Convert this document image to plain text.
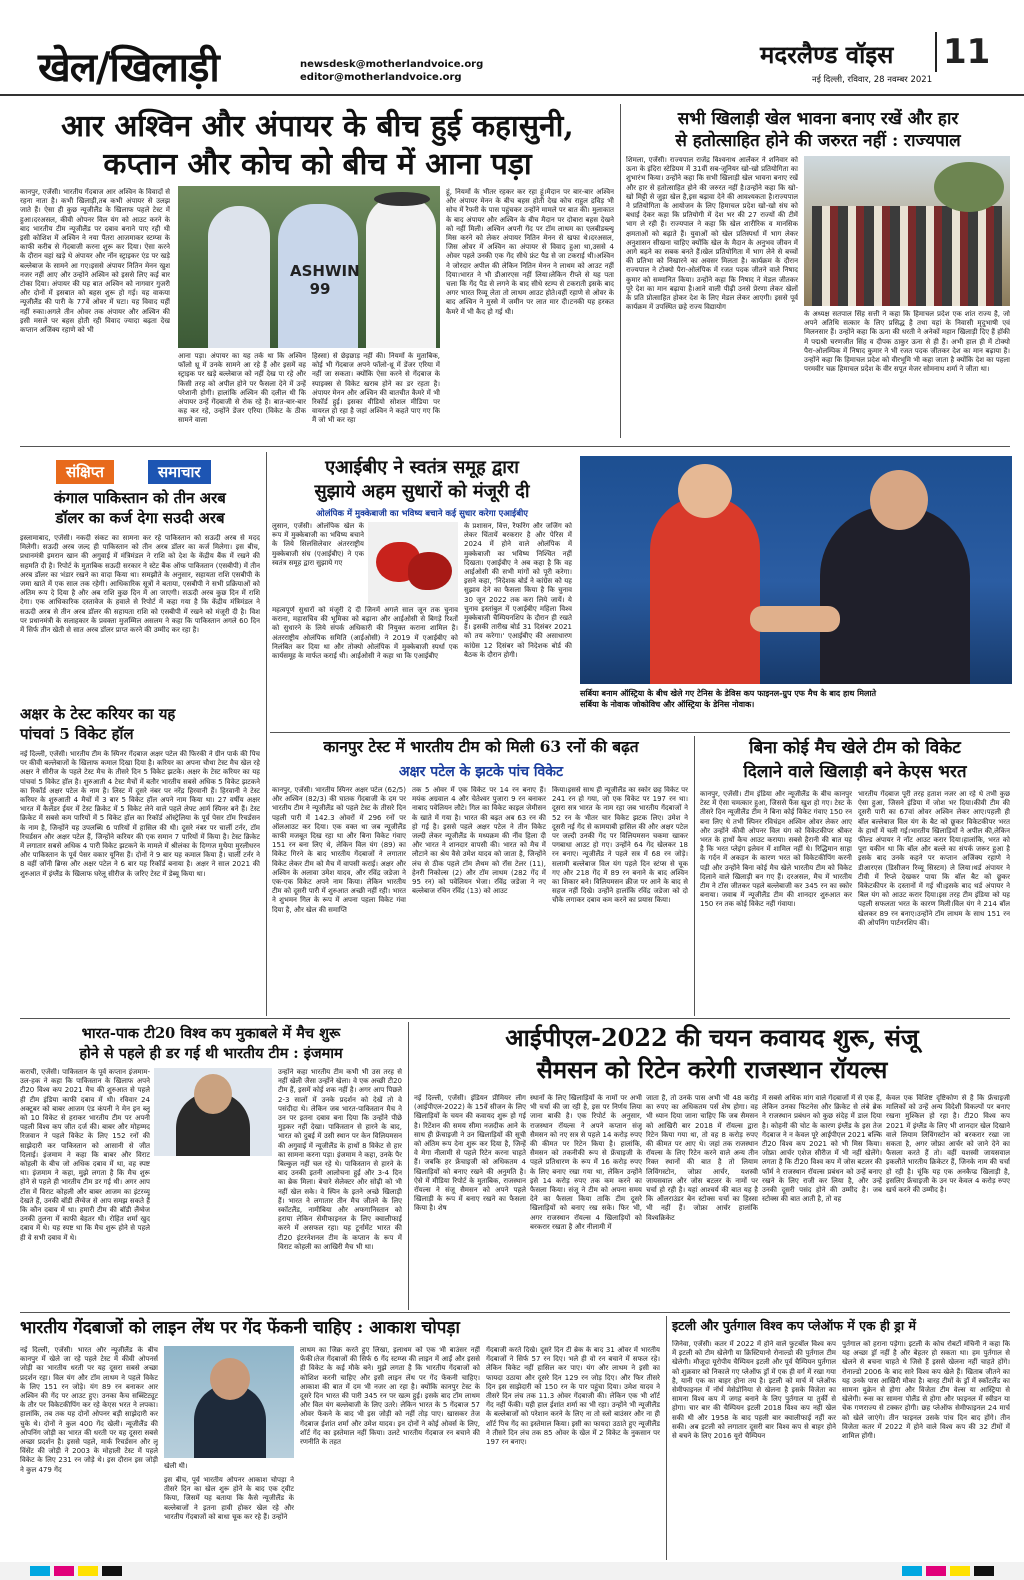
खेल/खिलाड़ी	newsdesk@motherlandvoice.org
editor@motherlandvoice.org
मदरलैण्ड वॉइस 11
नई दिल्ली, रविवार, 28 नवम्बर 2021
आर अश्विन और अंपायर के बीच हुई कहासुनी,
कप्तान और कोच को बीच में आना पड़ा
कानपुर, एजेंसी। भारतीय गेंदबाज आर अश्विन के विवादों से रहना नाता है। कभी खिलाड़ी,तब कभी अंपायर से उलझ जाते हैं। ऐसा ही कुछ न्यूजीलैंड के खिलाफ पहले टेस्ट में हुआ।दरअसल, कीवी ओपनर विल यंग को आउट करने के बाद भारतीय टीम न्यूजीलैंड पर दबाव बनाने पाए रही थी इसी कोशिश में अश्विन ने नया पैंतरा आजमाकर स्टम्प्स के काफी करीब से गेंदबाजी करना शुरू कर दिया। ऐसा करने के दौरान वहां खड़े थे अंपायर और नॉन स्ट्राइकर एंड पर खड़े बल्लेबाज के सामने आ गए।इससे अंपायर नितिन मेनन खुश नजर नहीं आए और उन्होंने अश्विन को इससे लिए कई बार टोका दिया। अंपायर की यह बात अश्विन को नागवार गुजरी और दोनों में इसबात को बहस शुरू हो गई। यह वाकया न्यूजीलैंड की पारी के 77वें ओवर में घटा। यह विवाद यहीं नहीं रुका।अगले तीन ओवर तक अंपायर और अश्विन की इसी मसले पर बहस होती रही विवाद ज्यादा बढ़ता देख कप्तान अजिंक्य रहाणे को भी
ASHWIN 99
आना पड़ा। अंपायर का यह तर्क था कि अश्विन फॉलो थ्रू में उनके सामने आ रहे हैं और इसमें वह स्ट्राइक पर खड़े बल्लेबाज को नहीं देख पा रहे और किसी तरह को अपील होने पर फैसला देने में उन्हें परेशानी होगी। हालांकि अश्विन की दलील थी कि अंपायर उन्हें गेंदबाजी से रोक रहे हैं। बात-बार-बार कह कर रहे, उन्होंने डेंजर एरिया (विकेट के ठीक सामने वाला
हिस्सा) से छेड़छाड़ नहीं की। नियमों के मुताबिक, कोई भी गेंदबाज अपने फॉलो-थ्रू में डेंजर एरिया में नहीं जा सकता। क्योंकि ऐसा करने से गेंदबाज के स्पाइक्स से विकेट खराब होने का डर रहता है। अंपायर मेनन और अश्विन की बातचीत कैमरे में भी रिकॉर्ड हुई। इसका वीडियो सोशल मीडिया पर वायरल हो रहा है जहां अश्विन ने कहते पाए गए कि मैं जो भी कर रहा
हूं, नियमों के भीतर रहकर कर रहा हूं।मैदान पर बार-बार अश्विन और अंपायर मेनन के बीच बहस होती देख कोच राहुल द्रविड़ भी सोच में रैफरी के पास पहुंचकर उन्होंने मामले पर बात की। मुलाकात के बाद अंपायर और अश्विन के बीच मैदान पर दोबारा बहस देखने को नहीं मिली। अश्विन अपनी गेंद पर टॉम लाथम का एलबीडब्ल्यू मिस करने को लेकर अंपायर नितिन मेनन से खफा थे।दरअसल, जिस ओवर में अश्विन का अंपायर से विवाद हुआ था,उससे 4 ओवर पहले उनकी एक गेंद सीधे फ्रंट पैड से जा टकराई थी।अश्विन ने जोरदार अपील की लेकिन नितिन मेनन ने लाथम को आउट नहीं दिया।भारत ने भी डीआरएस नहीं लिया।लेकिन रीप्ले से यह पता चला कि गेंद पैड से लगने के बाद सीधे स्टम्प से टकराती इसके बाद अगर भारत रिव्यू लेता तो लाथम आउट होते।वहीं रहाणे से ओवर के बाद अश्विन ने मुस्से में जमीन पर लात मार दी।टनकी यह हरकत कैमरे में भी कैद हो गई थी।
सभी खिलाड़ी खेल भावना बनाए रखें और हार
से हतोत्साहित होने की जरुरत नहीं : राज्यपाल
शिमला, एजेंसी। राज्यपाल राजेंद्र विश्वनाथ आर्लेकर ने शनिवार को ऊना के इंदिरा स्टेडियम में 31वीं सब-जूनियर खो-खो प्रतियोगिता का शुभारंभ किया। उन्होंने कहा कि सभी खिलाड़ी खेल भावना बनाए रखें और हार से हतोत्साहित होने की जरुरत नहीं है।उन्होंने कहा कि खो-खो मिट्टी से जुड़ा खेल है,इस बढ़ावा देने की आवश्यकता है।राज्यपाल ने प्रतियोगिता के आयोजन के लिए हिमाचल प्रदेश खो-खो संघ को बधाई देकर कहा कि प्रतियोगी में देश भर की 27 राज्यों की टीमें भाग ले रही हैं। राज्यपाल ने कहा कि खेल शारीरिक व मानसिक क्षमताओं को बढ़ाते हैं। युवाओं को खेल प्रतिस्पर्धा में भाग लेकर अनुशासन सीखना चाहिए क्योंकि खेल के मैदान के अनुभव जीवन में आगे बढ़ने का सबक बनते हैं।खेल प्रतियोगिता में भाग लेने से बच्चों की प्रतिभा को निखारने का अवसर मिलता है। कार्यक्रम के दौरान राज्यपाल ने टोक्यो पैरा-ओलंपिक में रजत पदक जीतने वाले निषाद कुमार को सम्मानित किया। उन्होंने कहा कि निषाद ने मेडल जीतकर पूरे देश का मान बढ़ाया है।आने वाली पीढ़ी उनसे प्रेरणा लेकर खेलों के प्रति प्रोत्साहित होकर देश के लिए मेडल लेकर आएगी। इससे पूर्व कार्यक्रम में उपस्थित छहे राज्य विद्यायोग
के अध्यक्ष सतपाल सिंह सत्ती ने कहा कि हिमाचल प्रदेश एक शांत राज्य है, जो अपने अतिथि सत्कार के लिए प्रसिद्ध है तथा यहां के निवासी मृदुभाषी एवं मिलनसार हैं। उन्होंने कहा कि ऊना की धरती ने अनेकों महान खिलाड़ी दिए हैं हॉकी में पद्मश्री चरणजीत सिंह व दीपक ठाकुर ऊना से ही हैं। अभी हाल ही में टोक्यो पैरा-ओलम्पिक में निषाद कुमार ने भी रजत पदक जीतकर देश का मान बढ़ाया है। उन्होंने कहा कि हिमाचल प्रदेश को वीरभूमि भी कहा जाता है क्योंकि देश का पहला परमवीर चक्र हिमाचल प्रदेश के वीर सपूत मेजर सोमनाथ शर्मा ने जीता था।
संक्षिप्त	समाचार
कंगाल पाकिस्तान को तीन अरब
डॉलर का कर्ज देगा सउदी अरब
इस्लामाबाद, एजेंसी। नकदी संकट का सामना कर रहे पाकिस्तान को सऊदी अरब से मदद मिलेगी। सऊदी अरब जल्द ही पाकिस्तान को तीन अरब डॉलर का कर्ज मिलेगा। इस बीच, प्रधानमंत्री इमरान खान की अगुवाई में मंत्रिमंडल ने राशि को देश के केंद्रीय बैंक में रखने की सहमति दी है। रिपोर्ट के मुताबिक सऊदी सरकार ने स्टेट बैंक ऑफ पाकिस्तान (एसबीपी) में तीन अरब डॉलर का भंडार रखने का वादा किया था। समझौते के अनुसार, सहायता राशि एसबीपी के जमा खाते में एक साल तक रहेगी। आधिकारिक सूत्रों ने बताया, एसबीपी ने सभी प्रक्रियाओं को अंतिम रूप दे दिया है और अब राशि कुछ दिन में आ जाएगी। सऊदी अरब कुछ दिन में राशि देगा। एक आधिकारिक दस्तावेज के हवाले से रिपोर्ट में कहा गया है कि केंद्रीय मंत्रिमंडल ने सऊदी अरब से तीन अरब डॉलर की सहायता राशि को एसबीपी में रखने को मंजूरी दी है। विश पर प्रधानमंत्री के सलाहकार के प्रवक्ता मुजम्मिल असलम ने कहा कि पाकिस्तान अगले 60 दिन में सिर्फ तीन खेती से सात अरब डॉलर प्राप्त करने की उम्मीद कर रहा है।
अक्षर के टेस्ट करियर का यह
पांचवां 5 विकेट हॉल
नई दिल्ली, एजेंसी। भारतीय टीम के स्पिनर गेंदबाज अक्षर पटेल की फिरकी ने ग्रीन पार्क की पिच पर कीवी बल्लेबाजों के खिलाफ कमाल दिखा दिया है। करियर का अपना चौथा टेस्ट मैच खेल रहे अक्षर ने सीरीज के पहले टेस्ट मैच के तीसरे दिन 5 विकेट झटके। अक्षर के टेस्ट करियर का यह पांचवां 5 विकेट हॉल है। शुरुआती 4 टेस्ट मैचों में बतौर भारतीय सबसे अधिक 5 विकेट झटकने का रिकॉर्ड अक्षर पटेल के नाम है। लिस्ट में दूसरे नंबर पर नरेंद्र हिरवानी हैं। हिरवानी ने टेस्ट करियर के शुरुआती 4 मैचों में 3 बार 5 विकेट हॉल अपने नाम किया था। 27 वर्षीय अक्षर भारत में कैलेंडर ईयर में टेस्ट क्रिकेट में 5 विकेट लेने वाले पहले लेफ्ट आर्म स्पिनर बने हैं। टेस्ट क्रिकेट में सबसे कम पारियों में 5 विकेट हॉल का रिकॉर्ड ऑस्ट्रेलिया के पूर्व पेसर टॉम रिचर्डसन के नाम है, जिन्होंने यह उपलब्धि 6 पारियों में हासिल की थी। दूसरे नंबर पर चार्ली टर्नर, टॉम रिचर्डसन और अक्षर पटेल हैं, जिन्होंने करियर की एक समान 7 पारियों में किया है। टेस्ट क्रिकेट में लगातार सबसे अधिक 4 पारी विकेट झटकने के मामले में श्रीलंका के दिग्गज मुथैया मुरलीधरन और पाकिस्तान के पूर्व पेसर वकार यूनिस हैं। दोनों ने 9 बार यह कमाल किया है। चार्ली टर्नर ने 8 वहीं जॉनी ब्रिग्स और अक्षर पटेल ने 6 बार यह रिकॉर्ड बनाया है। अक्षर ने साल 2021 की शुरुआत में इंग्लैंड के खिलाफ घरेलू सीरीज के जरिए टेस्ट में डेब्यू किया था।
एआईबीए ने स्वतंत्र समूह द्वारा
सुझाये अहम सुधारों को मंजूरी दी
ओलंपिक में मुक्केबाजी का भविष्य बचाने कई सुधार करेगा एआईबीए
लुसान, एजेंसी। ओलंपिक खेल के रूप में मुक्केबाजी का भविष्य बचाने के लिये सिलसिलेवार अंतरराष्ट्रीय मुक्केबाजी संघ (एआईबीए) ने एक स्वतंत्र समूह द्वारा सुझाये गए
महत्वपूर्ण सुधारों को मंजूरी दे दी जिनमें अगले साल जून तक चुनाव कराना, महासचिव की भूमिका को बढ़ाना और आईओसी से बिगड़े रिश्तों को सुधारने के लिये संपर्क अधिकारी की नियुक्त कराना शामिल है। अंतरराष्ट्रीय ओलंपिक समिति (आईओसी) ने 2019 में एआईबीए को निलंबित कर दिया था और तोक्यो ओलंपिक में मुक्केबाजी स्पर्धा एक कार्यसमूह के मार्फत कराई थी। आईओसी ने कहा था कि एआईबीए
के प्रशासन, वित्त, रैफरिंग और जजिंग को लेकर चिंतायें बरकरार है और पेरिस में 2024 में होने वाले ओलंपिक में मुक्केबाजी का भविष्य निश्चित नहीं दिखता। एआईबीए ने अब कहा है कि वह आईओसी की सभी मांगों को पूरी करेगा। इसने कहा, 'निदेशक बोर्ड ने कांग्रेस को यह सुझाव देने का फैसला किया है कि चुनाव 30 जून 2022 तक करा लिये जायें। ये चुनाव इस्तांबुल में एआईबीए महिला विश्व मुक्केबाजी चैम्पियनशिप के दौरान ही रखते हैं। इसकी तारीख बोर्ड 31 दिसंबर 2021 को तय करेगा।' एआईबीए की असाधारण कांग्रेस 12 दिसंबर को निदेशक बोर्ड की बैठक के दौरान होगी।
सर्बिया बनाम ऑस्ट्रिया के बीच खेले गए टेनिस के डेविस कप फाइनल-ग्रुप एफ मैच के बाद हाथ मिलाते
सर्बिया के नोवाक जोकोविच और ऑस्ट्रिया के डेनिस नोवाक।
कानपुर टेस्ट में भारतीय टीम को मिली 63 रनों की बढ़त
अक्षर पटेल के झटके पांच विकेट
कानपुर, एजेंसी। भारतीय स्पिनर अक्षर पटेल (62/5) और अश्विन (82/3) की घातक गेंदबाजी के दम पर भारतीय टीम ने न्यूजीलैंड को पहले टेस्ट के तीसरे दिन पहली पारी में 142.3 ओवरों में 296 रनों पर ऑलआउट कर दिया। एक वक्त था जब न्यूजीलैंड काफी मजबूत दिख रहा था और बिना विकेट गंवाए 151 रन बना लिए थे, लेकिन विल यंग (89) का विकेट गिरने के बाद भारतीय गेंदबाजों ने लगातार विकेट लेकर टीम को मैच में वापसी कराई। अक्षर और अश्विन के अलावा उमेश यादव, और रविंद्र जडेजा ने एक-एक विकेट अपने नाम किया। लेकिन भारतीय टीम को दूसरी पारी में शुरुआत अच्छी नहीं रही। भारत ने शुभमन गिल के रूप में अपना पहला विकेट गंवा दिया है, और खेल की समाप्ति
तक 5 ओवर में एक विकेट पर 14 रन बनाए हैं। मयंक अग्रवाल 4 और चेतेश्वर पुजारा 9 रन बनाकर नाबाद पवेलियन लौटे। गिल का विकेट काइल जेमीसन के खाते में गया है। भारत की बढ़त अब 63 रन की हो गई है। इससे पहले अक्षर पटेल ने तीन विकेट जल्दी लेकर न्यूजीलैंड के मध्यक्रम की नींव हिला दी और भारत ने शानदार वापसी की। भारत को मैच में लौटाने का श्रेय वैसे उमेश यादव को जाता है, जिन्होंने लंच से ठीक पहले टॉम लैथम को रॉस टेलर (11), हेनरी निकोल्स (2) और टॉम लाथम (282 गेंद में 95 रन) को पवेलियन भेजा। रविंद्र जडेजा ने नए बल्लेबाज रचिन रविंद्र (13) को आउट
किया।इससे साथ ही न्यूजीलैंड का स्कोर छह विकेट पर 241 रन हो गया, जो एक विकेट पर 197 रन था। दूसरा सत्र भारत के नाम रहा जब भारतीय गेंदबाजों ने 52 रन के भीतर चार विकेट झटक लिए। उमेश ने दूसरी नई गेंद से कामयाबी हासिल की और अक्षर पटेल पर जल्दी उनकी गेंद पर विलियमसन चकमा खाकर पगबाधा आउट हो गए। उन्होंने 64 गेंद खेलकर 18 रन बनाए। न्यूजीलैंड ने पहले सत्र में 68 रन जोड़े। सलामी बल्लेबाज विल यंग पहले दिन स्टंप्स से चूक गए और 218 गेंद में 89 रन बनाने के बाद अश्विन का शिकार बने। विलियमसन क्रीज पर आने के बाद से सहज नहीं दिखे। उन्होंने हालांकि रविंद्र जडेजा को दो चौके लगाकर दबाव कम करने का प्रयास किया।
बिना कोई मैच खेले टीम को विकेट
दिलाने वाले खिलाड़ी बने केएस भरत
कानपुर, एजेंसी। टीम इंडिया और न्यूजीलैंड के बीच कानपुर टेस्ट में ऐसा चमत्कार हुआ, जिससे फैंस खुश हो गए। टेस्ट के तीसरे दिन न्यूजीलैंड टीम ने बिना कोई विकेट गंवाए 150 रन बना लिए थे तभी स्पिनर रविचंद्रन अश्विन ओवर लेकर आए और उन्होंने कीवी ओपनर विल यंग को विकेटकीपर श्रीकर भरत के हाथों कैच आउट कराया। सबसे हैरानी की बात यह है कि भरत प्लेइंग इलेवन में शामिल नहीं थे। रिद्धिमान साहा के गर्दन में अकड़न के कारण भरत को विकेटकीपिंग करनी पड़ी और उन्होंने बिना कोई मैच खेले भारतीय टीम को विकेट दिलाने वाले खिलाड़ी बन गए हैं। दरअसल, मैच में भारतीय टीम ने टॉस जीतकर पहले बल्लेबाजी कर 345 रन का स्कोर बनाया। जवाब में न्यूजीलैंड टीम की शानदार शुरुआत कर 150 रन तक कोई विकेट नहीं गंवाया।
भारतीय गेंदबाज पूरी तरह हताश नजर आ रहे थे तभी कुछ ऐसा हुआ, जिसने इंडिया में जोश भर दिया।कीवी टीम की दूसरी पारी का 67वां ओवर अश्विन लेकर आए।पहली ही बॉल बल्लेबाज विल यंग के बैट को छूकर विकेटकीपर भरत के हाथों में चली गई।भारतीय खिलाड़ियों ने अपील की,लेकिन फील्ड अंपायर ने नॉट आउट करार दिया।हालांकि, भरत को पूरा यकीन था कि बॉल और बल्ले का संपर्क जरूर हुआ है इसके बाद उनके कहने पर कप्तान अजिंक्य रहाणे ने डीआरएस (डिसीजन रिव्यू सिस्टम) ले लिया।थर्ड अंपायर ने टीवी में रिप्ले देखकर पाया कि बॉल बैट को छूकर विकेटकीपर के दस्तानों में गई थी।इसके बाद थर्ड अंपायर ने बिल यंग को आउट करार दिया।इस तरह टीम इंडिया को यह पहली सफलता भरत के कारण मिली।विल यंग ने 214 बॉल खेलकर 89 रन बनाए।उन्होंने टॉम लाथम के साथ 151 रन की ओपनिंग पार्टनरशिप की।
भारत-पाक टी20 विश्व कप मुकाबले में मैच शुरू
होने से पहले ही डर गई थी भारतीय टीम : इंजमाम
कराची, एजेंसी। पाकिस्तान के पूर्व कप्तान इंजमाम-उल-हक ने कहा कि पाकिस्तान के खिलाफ अपने टी20 विश्व कप 2021 मैच की शुरुआत से पहले ही टीम इंडिया काफी दबाव में थी। रविवार 24 अक्टूबर को बाबर आजम एंड कंपनी ने मेन इन ब्लू को 10 विकेट से हराकर भारतीय टीम पर अपनी पहली विश्व कप जीत दर्ज की। बाबर और मोहम्मद रिजवान ने पहले विकेट के लिए 152 रनों की साझेदारी कर पाकिस्तान को आसानी से जीत दिलाई। इंजमाम ने कहा कि बाबर और विराट कोहली के बीच जो अधिक दबाव में था, वह स्पष्ट था। इंजमाम ने कहा, मुझे लगता है कि मैच शुरू होने से पहले ही भारतीय टीम डर गई थी। अगर आप टॉस में विराट कोहली और बाबर आजम का इंटरव्यू देखते हैं, उनकी बॉडी लैंग्वेज से आप समझ सकते हैं कि कौन दबाव में था। हमारी टीम की बॉडी लैंग्वेज उनकी तुलना में काफी बेहतर थी। रोहित शर्मा खुद दबाव में थे। यह स्पष्ट था कि मैच शुरू होने से पहले ही वे सभी दबाव में थे।
उन्होंने कहा भारतीय टीम कभी भी उस तरह से नहीं खेली जैसा उन्होंने खेला। वे एक अच्छी टी20 टीम हैं, इसमें कोई शक नहीं है। अगर आप पिछले 2-3 सालों में उनके प्रदर्शन को देखें तो वे पसंदीदा थे। लेकिन जब भारत-पाकिस्तान मैच ने उन पर इतना दबाव बना दिया कि उन्होंने पीछे मुड़कर नहीं देखा। पाकिस्तान से हारने के बाद, भारत को दुबई में उसी स्थान पर केन विलियमसन की अगुवाई में न्यूजीलैंड के हाथों 8 विकेट से हार का सामना करना पड़ा। इंजमाम ने कहा, उनके पैर बिल्कुल नहीं चल रहे थे। पाकिस्तान से हारने के बाद उनकी इतनी आलोचना हुई और 3-4 दिन का ब्रेक मिला। बेचारे सेलेक्टर और सोढ़ी को भी नहीं खेल सके। वे स्पिन के इतने अच्छे खिलाड़ी हैं। भारत ने लगातार तीन मैच जीतने के लिए स्कॉटलैंड, नामीबिया और अफगानिस्तान को हराया लेकिन सेमीफाइनल के लिए क्वालीफाई करने में असफल रहा। यह टूर्नामेंट भारत की टी20 इंटरनेशनल टीम के कप्तान के रूप में विराट कोहली का आखिरी मैच भी था।
आईपीएल-2022 की चयन कवायद शुरू, संजू
सैमसन को रिटेन करेगी राजस्थान रॉयल्स
नई दिल्ली, एजेंसी। इंडियन प्रीमियर लीग (आईपीएल-2022) के 15वें सीजन के लिए खिलाड़ियों के चयन की कवायद शुरू हो गई है। रिटेंशन की समय सीमा नजदीक आने के साथ ही फ्रेंचाइजी ने उन खिलाड़ियों की सूची को अंतिम रूप देना शुरू कर दिया है, जिन्हें वे मेगा नीलामी से पहले रिटेन करना चाहते हैं। जबकि हर फ्रेंचाइजी को अधिकतम 4 खिलाड़ियों को बनाए रखने की अनुमति है। ऐसे में मीडिया रिपोर्ट के मुताबिक, राजस्थान रॉयल्स ने संजू सैमसन को अपने पहले खिलाड़ी के रूप में बनाए रखने का फैसला किया है। शेष
स्थानों के लिए खिलाड़ियों के नामों पर अभी भी चर्चा की जा रही है, इस पर निर्णय लिया जाना बाकी है। एक रिपोर्ट के अनुसार, राजस्थान रॉयल्स ने अपने कप्तान संजू सैमसन को नए सत्र से पहले 14 करोड़ रुपए की कीमत पर रिटेन किया है। हालांकि, सैमसन को तकनीकी रूप से फ्रेंचाइजी के पहले प्रतिधारण के रूप में 16 करोड़ रुपए के लिए बनाए रखा गया था, लेकिन उन्होंने इसे 14 करोड़ रुपए तक कम करने का फैसला किया। संजू ने टीम को अपना समय देने का फैसला किया ताकि टीम दूसरे खिलाड़ियों को बनाए रख सके। फिर भी, अगर राजस्थान रॉयल्स 4 खिलाड़ियों को बरकरार रखता है और नीलामी में
जाता है, तो उनके पास अभी भी 48 करोड़ का रुपए का अधिकतम पर्स शेष होगा। वह भी ध्यान दिया जाना चाहिए कि जब सैमसन को आखिरी बार 2018 में रॉयल्स द्वारा रिटेन किया गया था, तो वह 8 करोड़ रुपए की कीमत पर आए थे। जहां तक राजस्थान रॉयल्स के लिए रिटेन करने वाले अन्य तीन रिक्त स्थानों की बात है तो लियाम लिविंगस्टोन, जोफ्रा आर्चर, यशस्वी जायसवाल और जोस बटलर के नामों पर चर्चा हो रही है। यहां आश्चर्य की बात यह है कि ऑलराउंडर बेन स्टोक्स चर्चा का हिस्सा भी नहीं हैं। जोफ्रा आर्चर हालांकि विश्वक्रिकेट
में सबसे अधिक मांग वाले गेंदबाजों में से एक हैं, लेकिन उनका फिटनेस और क्रिकेट से लंबे ब्रेक ने राजस्थान प्रबंधन को कुछ संदेह में डाल दिया है। कोहनी की चोट के कारण इंग्लैंड के इस तेज गेंदबाज ने न केवल पूरे आईपीएल 2021 बल्कि टी20 विश्व कप 2021 को भी मिस किया। जोफ्रा आर्चर एशेज सीरीज में भी नहीं खेलेंगे। लगता है कि टी20 विश्व कप में जोस बटलर की फॉर्म ने राजस्थान रॉयल्स प्रबंधन को उन्हें बनाए रखने के लिए राजी कर लिया है, और उन्हें उनकी दूसरी पसंद होने की उम्मीद है। जब स्टोक्स की बात आती है, तो वह
केवल एक विशिष्ट दृष्टिकोण से है कि फ्रेंचाइजी मालिकों को उन्हें अन्य विदेशी विकल्पों पर बनाए रखना मुश्किल हो रहा है। टी20 विश्व कप 2021 में इंग्लैंड के लिए भी शानदार खेल दिखाने वाले लियाम लिविंगस्टोन को बरकरार रखा जा सकता है, अगर जोफ्रा आर्चर को जाने देने का फैसला करते हैं तो। वहीं यशस्वी जायसवाल इकलौते भारतीय क्रिकेटर हैं, जिनके नाम की चर्चा हो रही है। चूंकि यह एक अनकैप्ड खिलाड़ी है, इसलिए फ्रेंचाइजी के उन पर केवल 4 करोड़ रुपए खर्च करने की उम्मीद है।
भारतीय गेंदबाजों को लाइन लेंथ पर गेंद फेंकनी चाहिए : आकाश चोपड़ा
नई दिल्ली, एजेंसी। भारत और न्यूजीलैंड के बीच कानपुर में खेले जा रहे पहले टेस्ट में कीवी ओपनर्स जोड़ी का भारतीय धरती पर यह दूसरा सबसे अच्छा प्रदर्शन रहा। विल यंग और टॉम लाथम ने पहले विकेट के लिए 151 रन जोड़े। यंग 89 रन बनाकर आर अश्विन की गेंद पर आउट हुए। उनका कैच सब्स्टिट्यूट के तौर पर विकेटकीपिंग कर रहे केएस भरत ने लपका। हालांकि, तब तक यह दोनों ओपनर बड़ी साझेदारी कर चुके थे। दोनों ने कुल 400 गेंद खेली। न्यूजीलैंड की ओपनिंग जोड़ी का भारत की धरती पर यह दूसरा सबसे अच्छा प्रदर्शन है। इससे पहले, मार्क रिचर्डसन और लू विंसेंट की जोड़ी ने 2003 के मोहाली टेस्ट में पहले विकेट के लिए 231 रन जोड़े थे। इस दौरान इस जोड़ी ने कुल 479 गेंद	खेली थी।
इस बीच, पूर्व भारतीय ओपनर आकाश चोपड़ा ने तीसरे दिन का खेल शुरू होने के बाद एक ट्वीट किया, जिसमें यह बताया कि कैसे न्यूजीलैंड के बल्लेबाजों ने इतना हावी होकर खेल रहे और भारतीय गेंदबाजों को बाधा चूक कर रहे हैं। उन्होंने
लाथम का जिक्र करते हुए लिखा, इलाथम को एक भी बाउंसर नहीं फेंकी।तेज गेंदबाजों की सिर्फ 6 गेंद स्टम्प्स की लाइन में आईं और इससे ही विकेट के कई मौके बने। मुझे लगता है कि भारतीय गेंदबाजों को कोशिश करनी चाहिए और इसी लाइन लेंथ पर गेंद फेंकनी चाहिए। आकाश की बात में दम भी नजर आ रहा है। क्योंकि कानपुर टेस्ट के दूसरे दिन भारत की पारी 345 रन पर खत्म हुई। इसके बाद टॉम लाथम और विल यंग बल्लेबाजी के लिए उतरे। लेकिन भारत के 5 गेंदबाज 57 ओवर फेंकने के बाद भी इस जोड़ी को नहीं तोड़ पाए। खासकर तेज गेंदबाज ईशांत शर्मा और उमेश यादव। इन दोनों ने कोई ओवर्स के लिए, शॉर्ट गेंद का इस्तेमाल नहीं किया। उलटे भारतीय गेंदबाज रन बचाने की रणनीति के तहत
गेंदबाजी करते दिखे। दूसरे दिन टी ब्रेक के बाद 31 ओवर में भारतीय गेंदबाजों ने सिर्फ 57 रन दिए। भले ही वो रन बचाने में सफल रहे। लेकिन विकेट नहीं हासिल कर पाए। यंग और लाथम ने इसी का फायदा उठाया और दूसरे दिन 129 रन जोड़ दिए। और फिर तीसरे दिन इस साझेदारी को 150 रन के पार पहुंचा दिया। उमेश यादव ने तीसरे दिन लंच तक 11.3 ओवर गेंदबाजी की। लेकिन एक भी शॉर्ट गेंद नहीं फेंकी। यही हाल ईशांत शर्मा का भी रहा। उन्होंने भी न्यूजीलैंड के बल्लेबाजों को परेशान करने के लिए ना तो स्लो बाउंसर और ना ही शॉर्ट पिच गेंद का इस्तेमाल किया। इसी का फायदा उठाते हुए न्यूजीलैंड ने तीसरे दिन लंच तक 85 ओवर के खेल में 2 विकेट के नुकसान पर 197 रन बनाए।
इटली और पुर्तगाल विश्व कप प्लेऑफ में एक ही ड्रा में
जिनेवा, एजेंसी। कतर में 2022 में होने वाले फुटबॉल विश्व कप में इटली को टीम खेलेगी या क्रिस्टियानो रोनाल्डो की पुर्तगाल टीम खेलेगी। मौजूदा यूरोपीय चैम्पियन इटली और पूर्व चैम्पियन पुर्तगाल को शुक्रवार को निकाले गए प्लेऑफ ड्रॉ में एक ही वर्ग में रखा गया है, यानी एक का बाहर होना तय है। इटली को मार्च में प्लेऑफ सेमीफाइनल में नॉर्थ मेसेडोनिया से खेलना है इसके विजेता का सामना विश्व कप में जगह बनाने के लिए पुर्तगाल या तुर्की से होगा। चार बार की चैम्पियन इटली 2018 विश्व कप नहीं खेल सकी थी और 1958 के बाद पहली बार क्वालीफाई नहीं कर सकी। अब इटली को लगातार दूसरी बार विश्व कप से बाहर होने से बचने के लिए 2016 यूरो चैम्पियन
पुर्तगाल को हराना पड़ेगा। इटली के कोच रोबर्टो मंचिनी ने कहा कि यह अच्छा ड्रॉ नहीं है और बेहतर हो सकता था। हम पुर्तगाल से खेलने से बचना चाहते थे जिसे हैं इससे खेलना नहीं चाहते होंगे। रोनाल्डो 2006 के बाद सारे विश्व कप खेले हैं। खिताब जीतने का यह उनके पास आखिरी मौका है। बारह टीमों के ड्रॉ में स्कॉटलैंड का सामना युक्रेन से होगा और विजेता टीम वेल्स या आस्ट्रिया से खेलेगी। रूस का सामना पोलैंड से होगा और फाइनल में स्वीडन या चेक गणराज्य से टक्कर होगी। छह प्लेऑफ सेमीफाइनल 24 मार्च को खेले जाएंगे। तीन फाइनल उसके पांच दिन बाद होंगे। तीन विजेता कतर में 2022 में होने वाले विश्व कप की 32 टीमों में शामिल होंगी।
